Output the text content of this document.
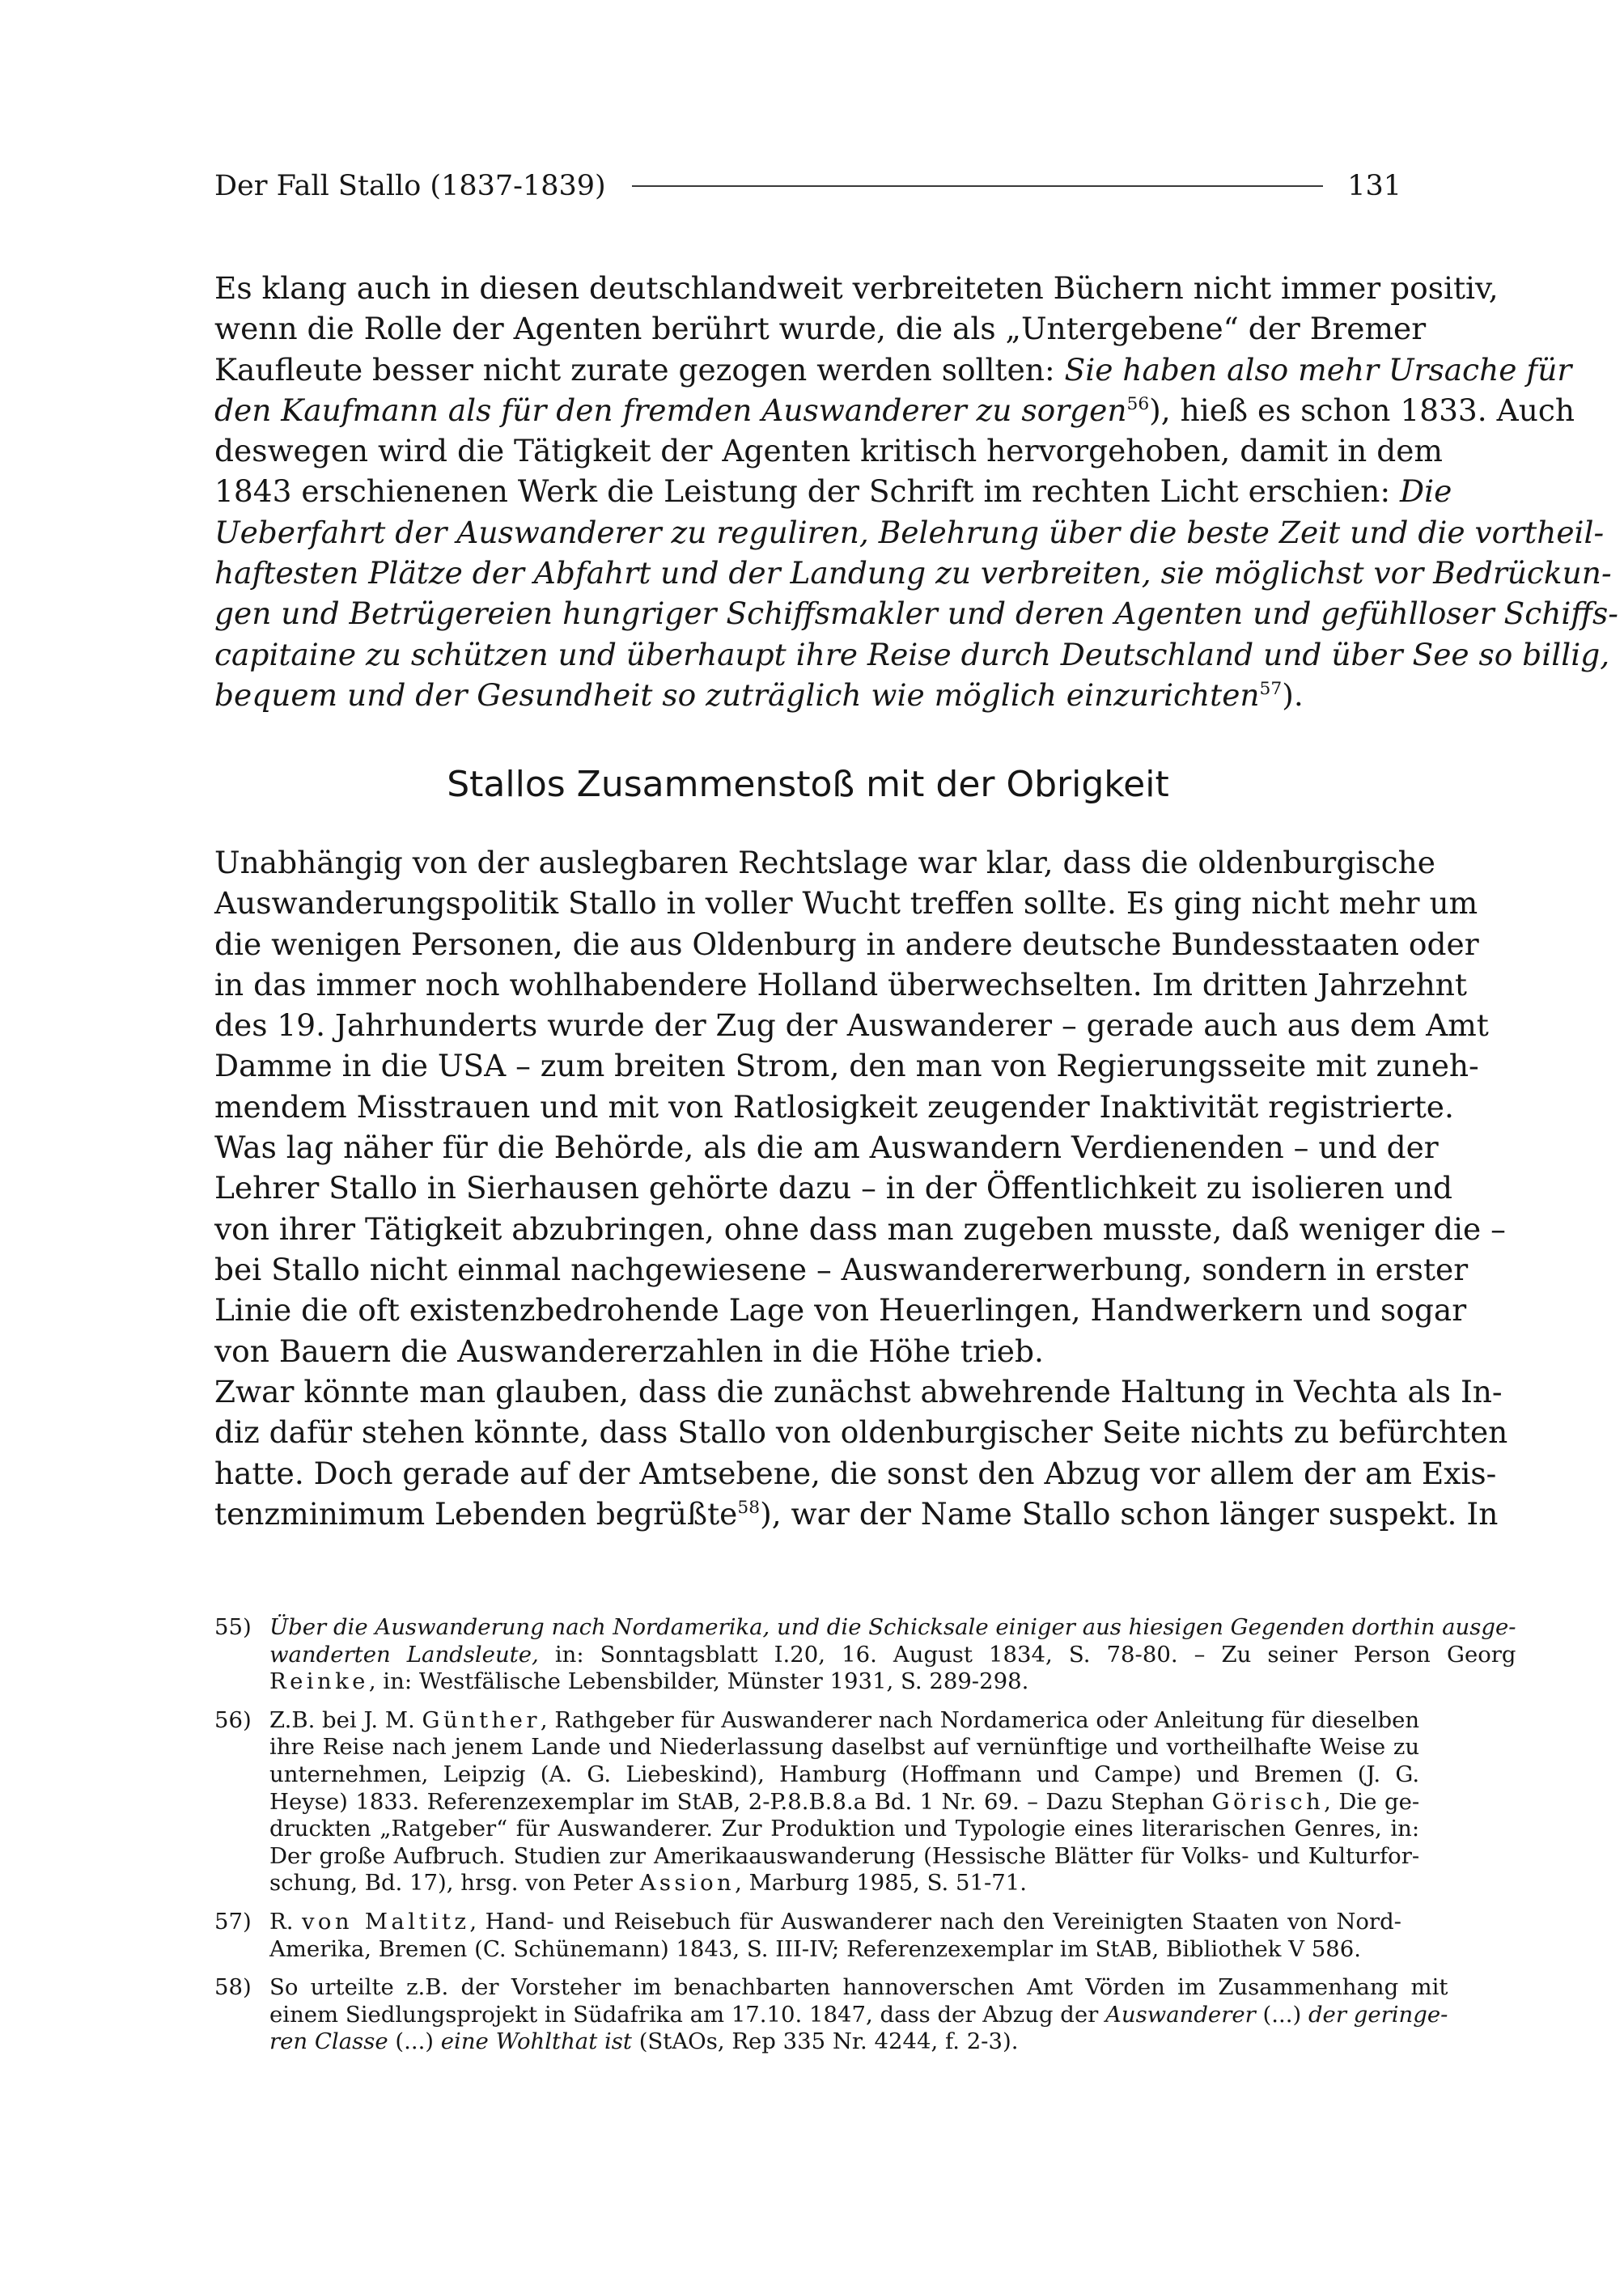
Der Fall Stallo (1837-1839)	131
Es klang auch in diesen deutschlandweit verbreiteten Büchern nicht immer positiv,
wenn die Rolle der Agenten berührt wurde, die als „Untergebene“ der Bremer
Kaufleute besser nicht zurate gezogen werden sollten: Sie haben also mehr Ursache für
den Kaufmann als für den fremden Auswanderer zu sorgen$^{56}$), hieß es schon 1833. Auch
deswegen wird die Tätigkeit der Agenten kritisch hervorgehoben, damit in dem
1843 erschienenen Werk die Leistung der Schrift im rechten Licht erschien: Die
Ueberfahrt der Auswanderer zu reguliren, Belehrung über die beste Zeit und die vortheil-
haftesten Plätze der Abfahrt und der Landung zu verbreiten, sie möglichst vor Bedrückun-
gen und Betrügereien hungriger Schiffsmakler und deren Agenten und gefühlloser Schiffs-
capitaine zu schützen und überhaupt ihre Reise durch Deutschland und über See so billig,
bequem und der Gesundheit so zuträglich wie möglich einzurichten$^{57}$).
Stallos Zusammenstoß mit der Obrigkeit
Unabhängig von der auslegbaren Rechtslage war klar, dass die oldenburgische
Auswanderungspolitik Stallo in voller Wucht treffen sollte. Es ging nicht mehr um
die wenigen Personen, die aus Oldenburg in andere deutsche Bundesstaaten oder
in das immer noch wohlhabendere Holland überwechselten. Im dritten Jahrzehnt
des 19. Jahrhunderts wurde der Zug der Auswanderer – gerade auch aus dem Amt
Damme in die USA – zum breiten Strom, den man von Regierungsseite mit zuneh-
mendem Misstrauen und mit von Ratlosigkeit zeugender Inaktivität registrierte.
Was lag näher für die Behörde, als die am Auswandern Verdienenden – und der
Lehrer Stallo in Sierhausen gehörte dazu – in der Öffentlichkeit zu isolieren und
von ihrer Tätigkeit abzubringen, ohne dass man zugeben musste, daß weniger die –
bei Stallo nicht einmal nachgewiesene – Auswandererwerbung, sondern in erster
Linie die oft existenzbedrohende Lage von Heuerlingen, Handwerkern und sogar
von Bauern die Auswandererzahlen in die Höhe trieb.
Zwar könnte man glauben, dass die zunächst abwehrende Haltung in Vechta als In-
diz dafür stehen könnte, dass Stallo von oldenburgischer Seite nichts zu befürchten
hatte. Doch gerade auf der Amtsebene, die sonst den Abzug vor allem der am Exis-
tenzminimum Lebenden begrüßte$^{58}$), war der Name Stallo schon länger suspekt. In
55) Über die Auswanderung nach Nordamerika, und die Schicksale einiger aus hiesigen Gegenden dorthin ausge-
wanderten Landsleute, in: Sonntagsblatt I.20, 16. August 1834, S. 78-80. – Zu seiner Person Georg
Reinke, in: Westfälische Lebensbilder, Münster 1931, S. 289-298.
56) Z.B. bei J. M. Günther, Rathgeber für Auswanderer nach Nordamerica oder Anleitung für dieselben
ihre Reise nach jenem Lande und Niederlassung daselbst auf vernünftige und vortheilhafte Weise zu
unternehmen, Leipzig (A. G. Liebeskind), Hamburg (Hoffmann und Campe) und Bremen (J. G.
Heyse) 1833. Referenzexemplar im StAB, 2-P.8.B.8.a Bd. 1 Nr. 69. – Dazu Stephan Görisch, Die ge-
druckten „Ratgeber“ für Auswanderer. Zur Produktion und Typologie eines literarischen Genres, in:
Der große Aufbruch. Studien zur Amerikaauswanderung (Hessische Blätter für Volks- und Kulturfor-
schung, Bd. 17), hrsg. von Peter Assion, Marburg 1985, S. 51-71.
57) R. von Maltitz, Hand- und Reisebuch für Auswanderer nach den Vereinigten Staaten von Nord-
Amerika, Bremen (C. Schünemann) 1843, S. III-IV; Referenzexemplar im StAB, Bibliothek V 586.
58) So urteilte z.B. der Vorsteher im benachbarten hannoverschen Amt Vörden im Zusammenhang mit
einem Siedlungsprojekt in Südafrika am 17.10. 1847, dass der Abzug der Auswanderer (...) der geringe-
ren Classe (...) eine Wohlthat ist (StAOs, Rep 335 Nr. 4244, f. 2-3).
